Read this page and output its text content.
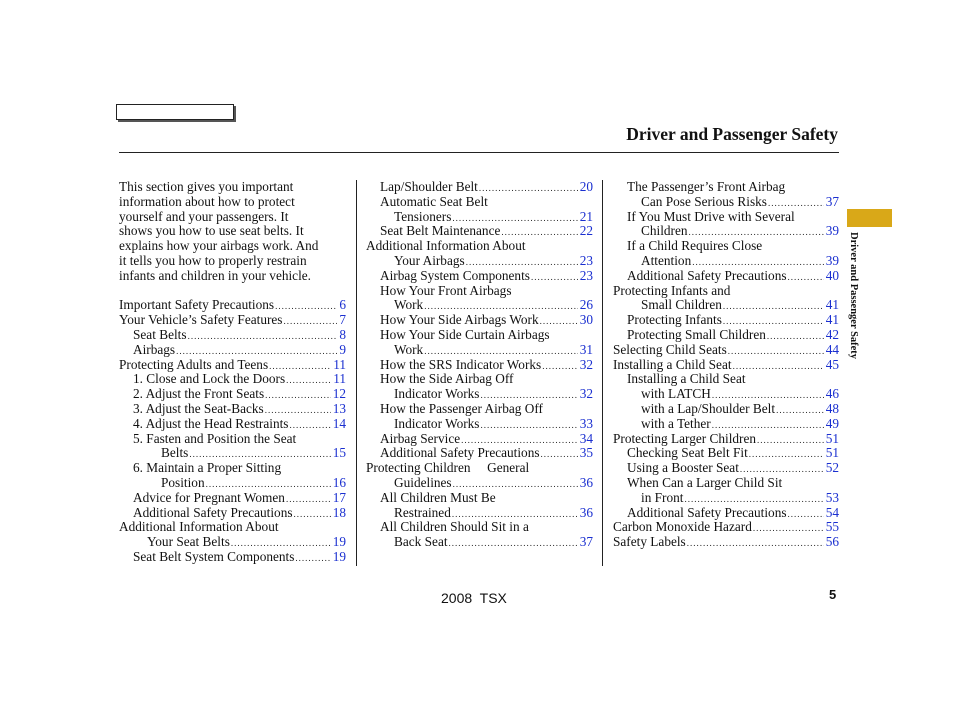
Driver and Passenger Safety
Driver and Passenger Safety

This section gives you important

information about how to protect

yourself and your passengers. It

shows you how to use seat belts. It

explains how your airbags work. And

it tells you how to properly restrain

infants and children in your vehicle.

Important Safety Precautions .....	6
Your Vehicle’s Safety Features .....	7
Seat Belts .....	8
Airbags .....	9
Protecting Adults and Teens .....	11
1. Close and Lock the Doors .....	11
2. Adjust the Front Seats .....	12
3. Adjust the Seat-Backs .....	13
4. Adjust the Head Restraints .....	14
5. Fasten and Position the Seat
Belts .....	15
6. Maintain a Proper Sitting
Position .....	16
Advice for Pregnant Women .....	17
Additional Safety Precautions .....	18
Additional Information About
Your Seat Belts .....	19
Seat Belt System Components .....	19
Lap/Shoulder Belt .....	20
Automatic Seat Belt
Tensioners .....	21
Seat Belt Maintenance .....	22
Additional Information About
Your Airbags .....	23
Airbag System Components .....	23
How Your Front Airbags
Work .....	26
How Your Side Airbags Work .....	30
How Your Side Curtain Airbags
Work .....	31
How the SRS Indicator Works .....	32
How the Side Airbag Off
Indicator Works .....	32
How the Passenger Airbag Off
Indicator Works .....	33
Airbag Service .....	34
Additional Safety Precautions .....	35
Protecting Children     General
Guidelines .....	36
All Children Must Be
Restrained .....	36
All Children Should Sit in a
Back Seat .....	37
The Passenger’s Front Airbag
Can Pose Serious Risks .....	37
If You Must Drive with Several
Children .....	39
If a Child Requires Close
Attention .....	39
Additional Safety Precautions .....	40
Protecting Infants and
Small Children .....	41
Protecting Infants .....	41
Protecting Small Children .....	42
Selecting Child Seats .....	44
Installing a Child Seat .....	45
Installing a Child Seat
with LATCH .....	46
with a Lap/Shoulder Belt .....	48
with a Tether .....	49
Protecting Larger Children .....	51
Checking Seat Belt Fit .....	51
Using a Booster Seat .....	52
When Can a Larger Child Sit
in Front .....	53
Additional Safety Precautions .....	54
Carbon Monoxide Hazard .....	55
Safety Labels .....	56
2008  TSX	5
